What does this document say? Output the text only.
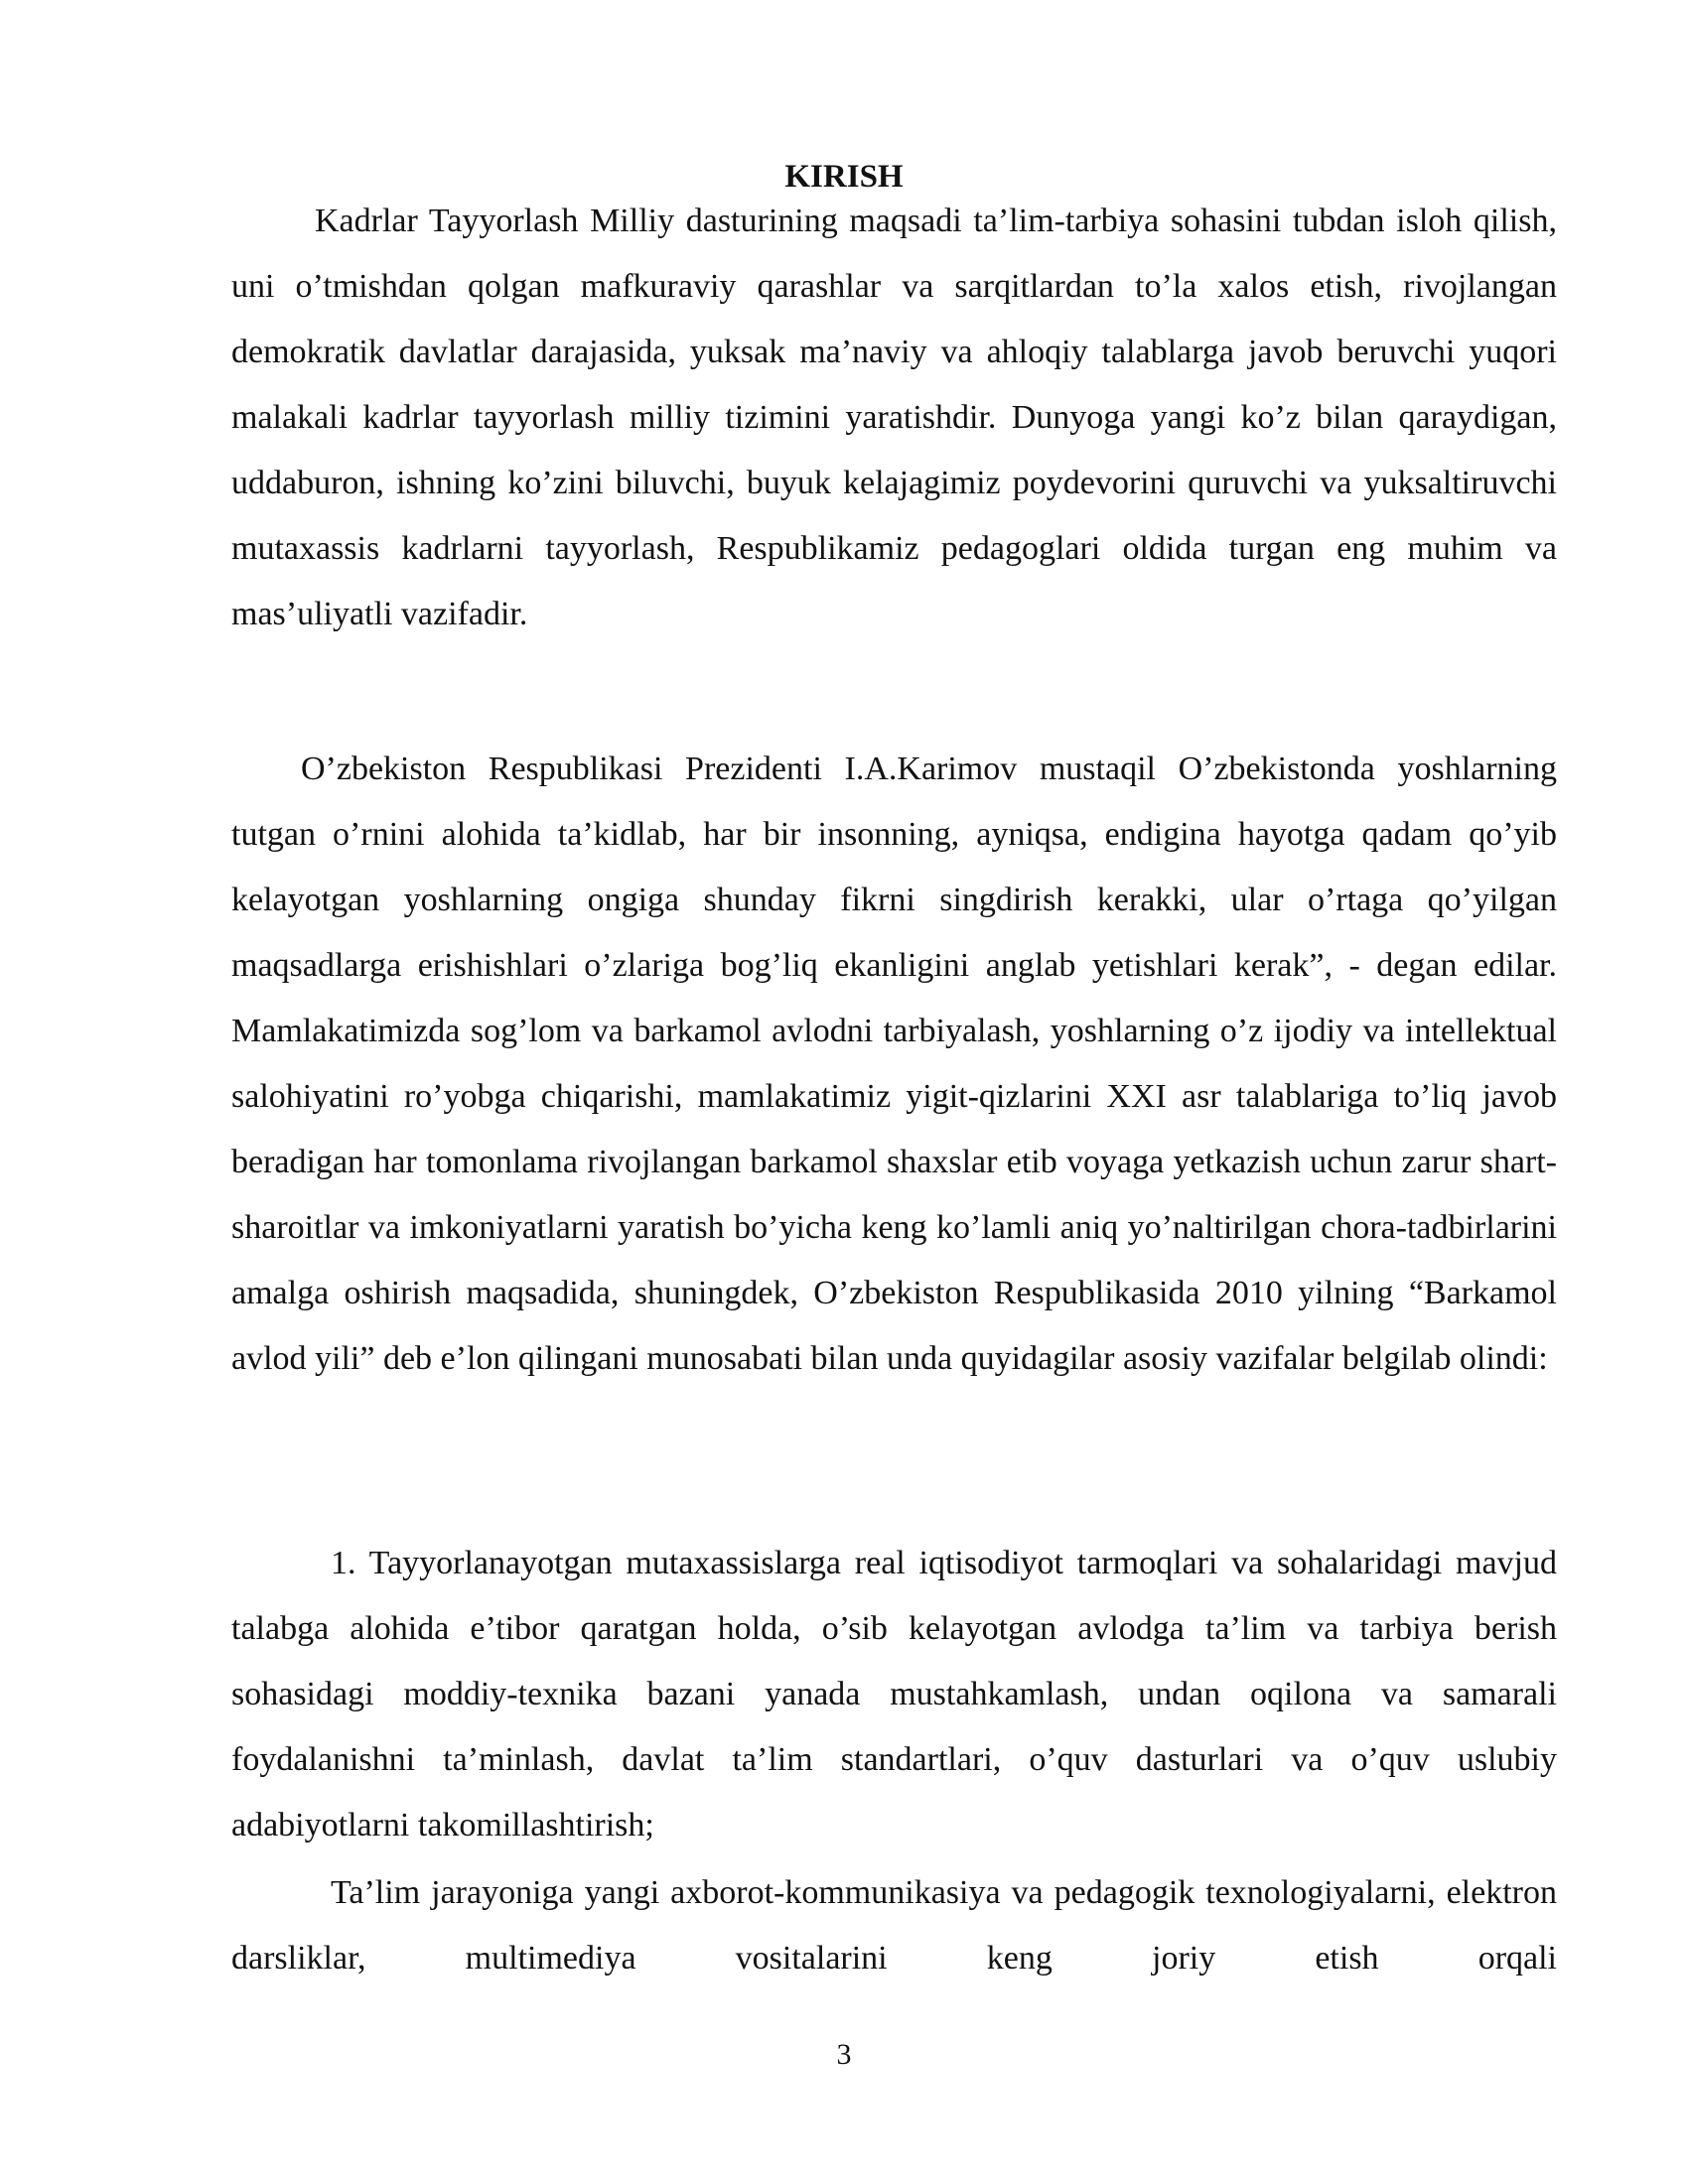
KIRISH

Kadrlar Tayyorlash Milliy dasturining maqsadi ta’lim-tarbiya sohasini tubdan isloh qilish, uni o’tmishdan qolgan mafkuraviy qarashlar va sarqitlardan to’la xalos etish, rivojlangan demokratik davlatlar darajasida, yuksak ma’naviy va ahloqiy talablarga javob beruvchi yuqori malakali kadrlar tayyorlash milliy tizimini yaratishdir. Dunyoga yangi ko’z bilan qaraydigan, uddaburon, ishning ko’zini biluvchi, buyuk kelajagimiz poydevorini quruvchi va yuksaltiruvchi mutaxassis kadrlarni tayyorlash, Respublikamiz pedagoglari oldida turgan eng muhim va mas’uliyatli vazifadir.

O’zbekiston Respublikasi Prezidenti I.A.Karimov mustaqil O’zbekistonda yoshlarning tutgan o’rnini alohida ta’kidlab, har bir insonning, ayniqsa, endigina hayotga qadam qo’yib kelayotgan yoshlarning ongiga shunday fikrni singdirish kerakki, ular o’rtaga qo’yilgan maqsadlarga erishishlari o’zlariga bog’liq ekanligini anglab yetishlari kerak”, - degan edilar. Mamlakatimizda sog’lom va barkamol avlodni tarbiyalash, yoshlarning o’z ijodiy va intellektual salohiyatini ro’yobga chiqarishi, mamlakatimiz yigit-qizlarini XXI asr talablariga to’liq javob beradigan har tomonlama rivojlangan barkamol shaxslar etib voyaga yetkazish uchun zarur shart-sharoitlar va imkoniyatlarni yaratish bo’yicha keng ko’lamli aniq yo’naltirilgan chora-tadbirlarini amalga oshirish maqsadida, shuningdek, O’zbekiston Respublikasida 2010 yilning “Barkamol avlod yili” deb e’lon qilingani munosabati bilan unda quyidagilar asosiy vazifalar belgilab olindi:

1. Tayyorlanayotgan mutaxassislarga real iqtisodiyot tarmoqlari va sohalaridagi mavjud talabga alohida e’tibor qaratgan holda, o’sib kelayotgan avlodga ta’lim va tarbiya berish sohasidagi moddiy-texnika bazani yanada mustahkamlash, undan oqilona va samarali foydalanishni ta’minlash, davlat ta’lim standartlari, o’quv dasturlari va o’quv uslubiy adabiyotlarni takomillashtirish;

Ta’lim jarayoniga yangi axborot-kommunikasiya va pedagogik texnologiyalarni, elektron darsliklar, multimediya vositalarini keng joriy etish orqali

3
